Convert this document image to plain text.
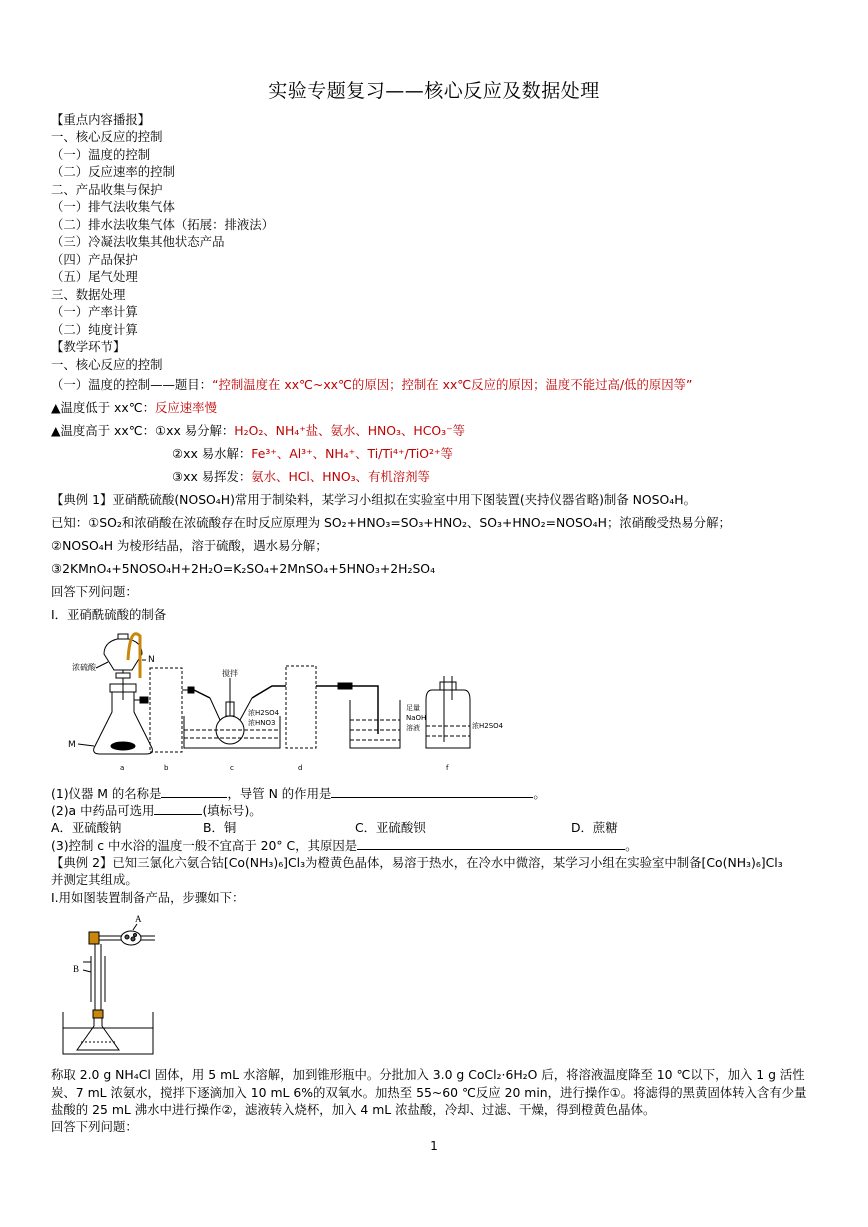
实验专题复习——核心反应及数据处理
【重点内容播报】
一、核心反应的控制
（一）温度的控制
（二）反应速率的控制
二、产品收集与保护
（一）排气法收集气体
（二）排水法收集气体（拓展：排液法）
（三）冷凝法收集其他状态产品
（四）产品保护
（五）尾气处理
三、数据处理
（一）产率计算
（二）纯度计算
【教学环节】
一、核心反应的控制
（一）温度的控制——题目：“控制温度在 xx℃~xx℃的原因；控制在 xx℃反应的原因；温度不能过高/低的原因等”
▲温度低于 xx℃：反应速率慢
▲温度高于 xx℃：①xx 易分解：H₂O₂、NH₄⁺盐、氨水、HNO₃、HCO₃⁻等
②xx 易水解：Fe³⁺、Al³⁺、NH₄⁺、Ti/Ti⁴⁺/TiO²⁺等
③xx 易挥发：氨水、HCl、HNO₃、有机溶剂等
【典例 1】亚硝酰硫酸(NOSO₄H)常用于制染料，某学习小组拟在实验室中用下图装置(夹持仪器省略)制备 NOSO₄H。
已知：①SO₂和浓硝酸在浓硫酸存在时反应原理为 SO₂+HNO₃=SO₃+HNO₂、SO₃+HNO₂=NOSO₄H；浓硝酸受热易分解；
②NOSO₄H 为棱形结晶，溶于硫酸，遇水易分解；
③2KMnO₄+5NOSO₄H+2H₂O=K₂SO₄+2MnSO₄+5HNO₃+2H₂SO₄
回答下列问题：
Ⅰ．亚硝酰硫酸的制备
N
浓硫酸
M
搅拌
浓H2SO4
浓HNO3
足量
NaOH
溶液	浓H2SO4
a	b	c	d	f
(1)仪器 M 的名称是	，导管 N 的作用是	。
(2)a 中药品可选用	(填标号)。
A．亚硫酸钠	B．铜	C．亚硫酸钡	D．蔗糖
(3)控制 c 中水浴的温度一般不宜高于 20° C，其原因是	。
【典例 2】已知三氯化六氨合钴[Co(NH₃)₆]Cl₃为橙黄色晶体，易溶于热水，在冷水中微溶，某学习小组在实验室中制备[Co(NH₃)₆]Cl₃
并测定其组成。
Ⅰ.用如图装置制备产品，步骤如下：
A
B
称取 2.0 g NH₄Cl 固体，用 5 mL 水溶解，加到锥形瓶中。分批加入 3.0 g CoCl₂·6H₂O 后，将溶液温度降至 10 ℃以下，加入 1 g 活性
炭、7 mL 浓氨水，搅拌下逐滴加入 10 mL 6%的双氧水。加热至 55~60 ℃反应 20 min，进行操作①。将滤得的黑黄固体转入含有少量
盐酸的 25 mL 沸水中进行操作②，滤液转入烧杯，加入 4 mL 浓盐酸，冷却、过滤、干燥，得到橙黄色晶体。
回答下列问题：
1
